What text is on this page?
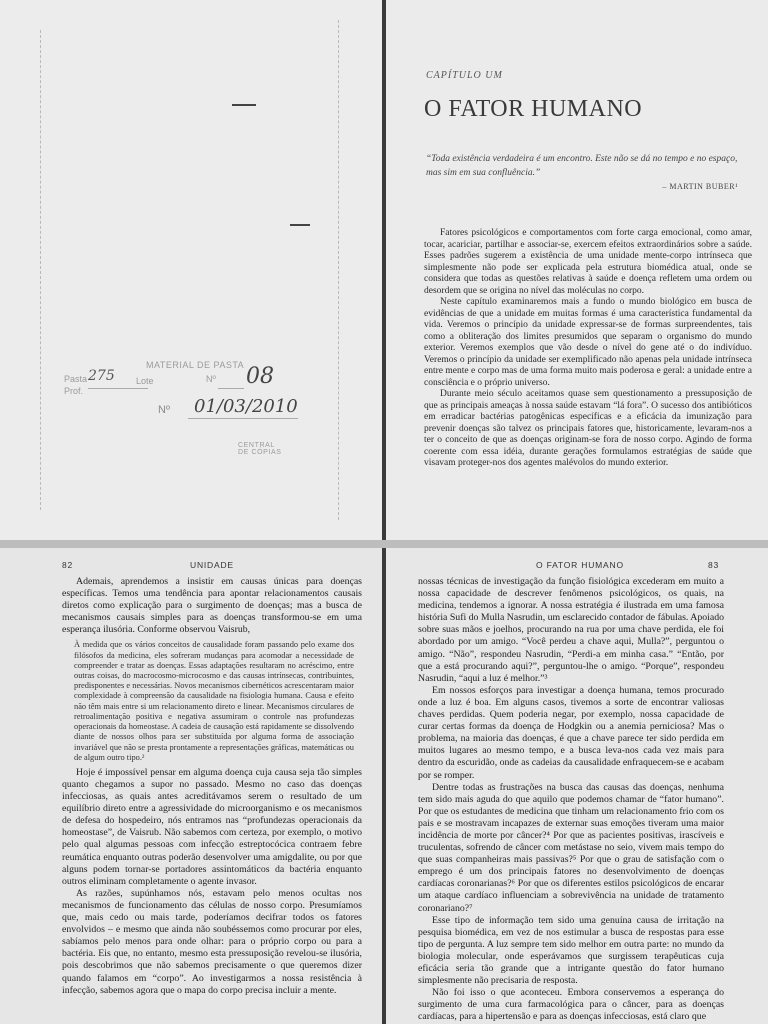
MATERIAL DE PASTA
Pasta 275 Lote	Nº 08
Prof.
Nº 01/03/2010
CENTRAL DE CÓPIAS
CAPÍTULO UM
O FATOR HUMANO
“Toda existência verdadeira é um encontro. Este não se dá no tempo e no espaço, mas sim em sua confluência.”
– MARTIN BUBER¹

Fatores psicológicos e comportamentos com forte carga emocional, como amar, tocar, acariciar, partilhar e associar-se, exercem efeitos extraordinários sobre a saúde. Esses padrões sugerem a existência de uma unidade mente-corpo intrínseca que simplesmente não pode ser explicada pela estrutura biomédica atual, onde se considera que todas as questões relativas à saúde e doença refletem uma ordem ou desordem que se origina no nível das moléculas no corpo.

Neste capítulo examinaremos mais a fundo o mundo biológico em busca de evidências de que a unidade em muitas formas é uma característica fundamental da vida. Veremos o princípio da unidade expressar-se de formas surpreendentes, tais como a obliteração dos limites presumidos que separam o organismo do mundo exterior. Veremos exemplos que vão desde o nível do gene até o do indivíduo. Veremos o princípio da unidade ser exemplificado não apenas pela unidade intrínseca entre mente e corpo mas de uma forma muito mais poderosa e geral: a unidade entre a consciência e o próprio universo.

Durante meio século aceitamos quase sem questionamento a pressuposição de que as principais ameaças à nossa saúde estavam “lá fora”. O sucesso dos antibióticos em erradicar bactérias patogênicas específicas e a eficácia da imunização para prevenir doenças são talvez os principais fatores que, historicamente, levaram-nos a ter o conceito de que as doenças originam-se fora de nosso corpo. Agindo de forma coerente com essa idéia, durante gerações formulamos estratégias de saúde que visavam proteger-nos dos agentes malévolos do mundo exterior.

82	UNIDADE

Ademais, aprendemos a insistir em causas únicas para doenças específicas. Temos uma tendência para apontar relacionamentos causais diretos como explicação para o surgimento de doenças; mas a busca de mecanismos causais simples para as doenças transformou-se em uma esperança ilusória. Conforme observou Vaisrub,

À medida que os vários conceitos de causalidade foram passando pelo exame dos filósofos da medicina, eles sofreram mudanças para acomodar a necessidade de compreender e tratar as doenças. Essas adaptações resultaram no acréscimo, entre outras coisas, do macrocosmo-microcosmo e das causas intrínsecas, contribuintes, predisponentes e necessárias. Novos mecanismos cibernéticos acrescentaram maior complexidade à compreensão da causalidade na fisiologia humana. Causa e efeito não têm mais entre si um relacionamento direto e linear. Mecanismos circulares de retroalimentação positiva e negativa assumiram o controle nas profundezas operacionais da homeostase. A cadeia de causação está rapidamente se dissolvendo diante de nossos olhos para ser substituída por alguma forma de associação invariável que não se presta prontamente a representações gráficas, matemáticas ou de algum outro tipo.²

Hoje é impossível pensar em alguma doença cuja causa seja tão simples quanto chegamos a supor no passado. Mesmo no caso das doenças infecciosas, as quais antes acreditávamos serem o resultado de um equilíbrio direto entre a agressividade do microorganismo e os mecanismos de defesa do hospedeiro, nós entramos nas “profundezas operacionais da homeostase”, de Vaisrub. Não sabemos com certeza, por exemplo, o motivo pelo qual algumas pessoas com infecção estreptocócica contraem febre reumática enquanto outras poderão desenvolver uma amigdalite, ou por que alguns podem tornar-se portadores assintomáticos da bactéria enquanto outros eliminam completamente o agente invasor.

As razões, supúnhamos nós, estavam pelo menos ocultas nos mecanismos de funcionamento das células de nosso corpo. Presumíamos que, mais cedo ou mais tarde, poderíamos decifrar todos os fatores envolvidos – e mesmo que ainda não soubéssemos como procurar por eles, sabíamos pelo menos para onde olhar: para o próprio corpo ou para a bactéria. Eis que, no entanto, mesmo esta pressuposição revelou-se ilusória, pois descobrimos que não sabemos precisamente o que queremos dizer quando falamos em “corpo”. Ao investigarmos a nossa resistência à infecção, sabemos agora que o mapa do corpo precisa incluir a mente.

O FATOR HUMANO	83

nossas técnicas de investigação da função fisiológica excederam em muito a nossa capacidade de descrever fenômenos psicológicos, os quais, na medicina, tendemos a ignorar. A nossa estratégia é ilustrada em uma famosa história Sufi do Mulla Nasrudin, um esclarecido contador de fábulas. Apoiado sobre suas mãos e joelhos, procurando na rua por uma chave perdida, ele foi abordado por um amigo. “Você perdeu a chave aqui, Mulla?”, perguntou o amigo. “Não”, respondeu Nasrudin, “Perdi-a em minha casa.” “Então, por que a está procurando aqui?”, perguntou-lhe o amigo. “Porque”, respondeu Nasrudin, “aqui a luz é melhor.”³

Em nossos esforços para investigar a doença humana, temos procurado onde a luz é boa. Em alguns casos, tivemos a sorte de encontrar valiosas chaves perdidas. Quem poderia negar, por exemplo, nossa capacidade de curar certas formas da doença de Hodgkin ou a anemia perniciosa? Mas o problema, na maioria das doenças, é que a chave parece ter sido perdida em muitos lugares ao mesmo tempo, e a busca leva-nos cada vez mais para dentro da escuridão, onde as cadeias da causalidade enfraquecem-se e acabam por se romper.

Dentre todas as frustrações na busca das causas das doenças, nenhuma tem sido mais aguda do que aquilo que podemos chamar de “fator humano”. Por que os estudantes de medicina que tinham um relacionamento frio com os pais e se mostravam incapazes de externar suas emoções tiveram uma maior incidência de morte por câncer?⁴ Por que as pacientes positivas, irascíveis e truculentas, sofrendo de câncer com metástase no seio, vivem mais tempo do que suas companheiras mais passivas?⁵ Por que o grau de satisfação com o emprego é um dos principais fatores no desenvolvimento de doenças cardíacas coronarianas?⁶ Por que os diferentes estilos psicológicos de encarar um ataque cardíaco influenciam a sobrevivência na unidade de tratamento coronariano?⁷

Esse tipo de informação tem sido uma genuína causa de irritação na pesquisa biomédica, em vez de nos estimular a busca de respostas para esse tipo de pergunta. A luz sempre tem sido melhor em outra parte: no mundo da biologia molecular, onde esperávamos que surgissem terapêuticas cuja eficácia seria tão grande que a intrigante questão do fator humano simplesmente não precisaria de resposta.

Não foi isso o que aconteceu. Embora conservemos a esperança do surgimento de uma cura farmacológica para o câncer, para as doenças cardíacas, para a hipertensão e para as doenças infecciosas, está claro que
